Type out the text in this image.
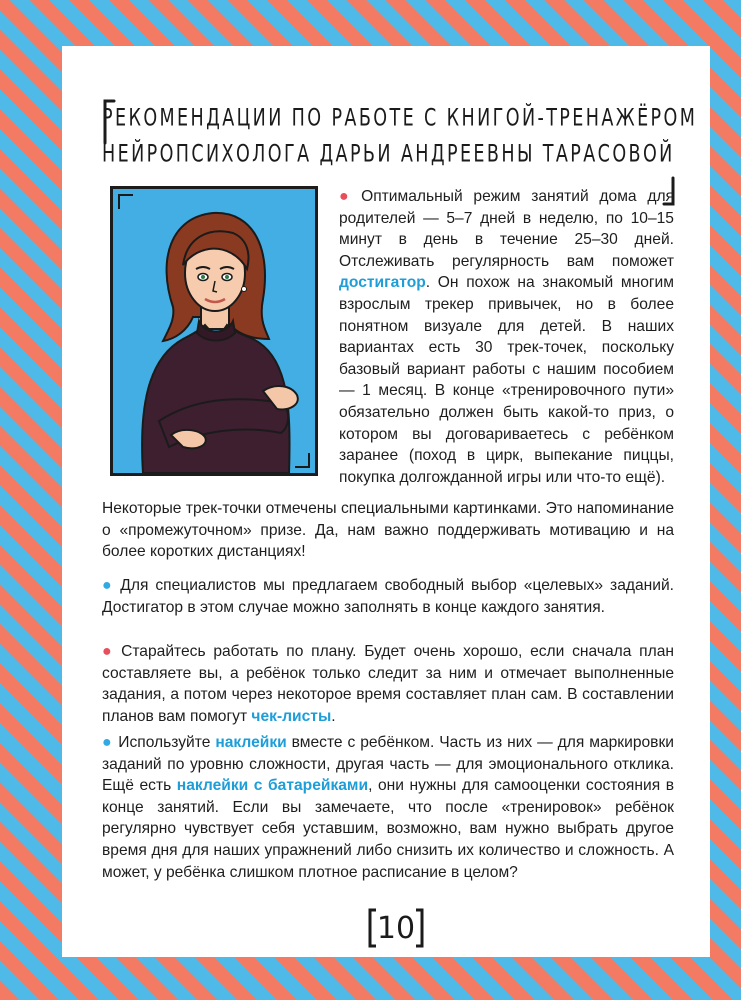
РЕКОМЕНДАЦИИ ПО РАБОТЕ С КНИГОЙ-ТРЕНАЖЁРОМ
НЕЙРОПСИХОЛОГА ДАРЬИ АНДРЕЕВНЫ ТАРАСОВОЙ
● Оптимальный режим занятий дома для родителей — 5–7 дней в неделю, по 10–15 минут в день в течение 25–30 дней. Отслеживать регулярность вам поможет достигатор. Он похож на знакомый многим взрослым трекер привычек, но в более понятном визуале для детей. В наших вариантах есть 30 трек-точек, поскольку базовый вариант работы с нашим пособием — 1 месяц. В конце «тренировочного пути» обязательно должен быть какой-то приз, о котором вы договариваетесь с ребёнком заранее (поход в цирк, выпекание пиццы, покупка долгожданной игры или что-то ещё).
Некоторые трек-точки отмечены специальными картинками. Это напоминание о «промежуточном» призе. Да, нам важно поддерживать мотивацию и на более коротких дистанциях!
● Для специалистов мы предлагаем свободный выбор «целевых» заданий. Достигатор в этом случае можно заполнять в конце каждого занятия.
● Старайтесь работать по плану. Будет очень хорошо, если сначала план составляете вы, а ребёнок только следит за ним и отмечает выполненные задания, а потом через некоторое время составляет план сам. В составлении планов вам помогут чек-листы.
● Используйте наклейки вместе с ребёнком. Часть из них — для маркировки заданий по уровню сложности, другая часть — для эмоционального отклика. Ещё есть наклейки с батарейками, они нужны для самооценки состояния в конце занятий. Если вы замечаете, что после «тренировок» ребёнок регулярно чувствует себя уставшим, возможно, вам нужно выбрать другое время дня для наших упражнений либо снизить их количество и сложность. А может, у ребёнка слишком плотное расписание в целом?
10
